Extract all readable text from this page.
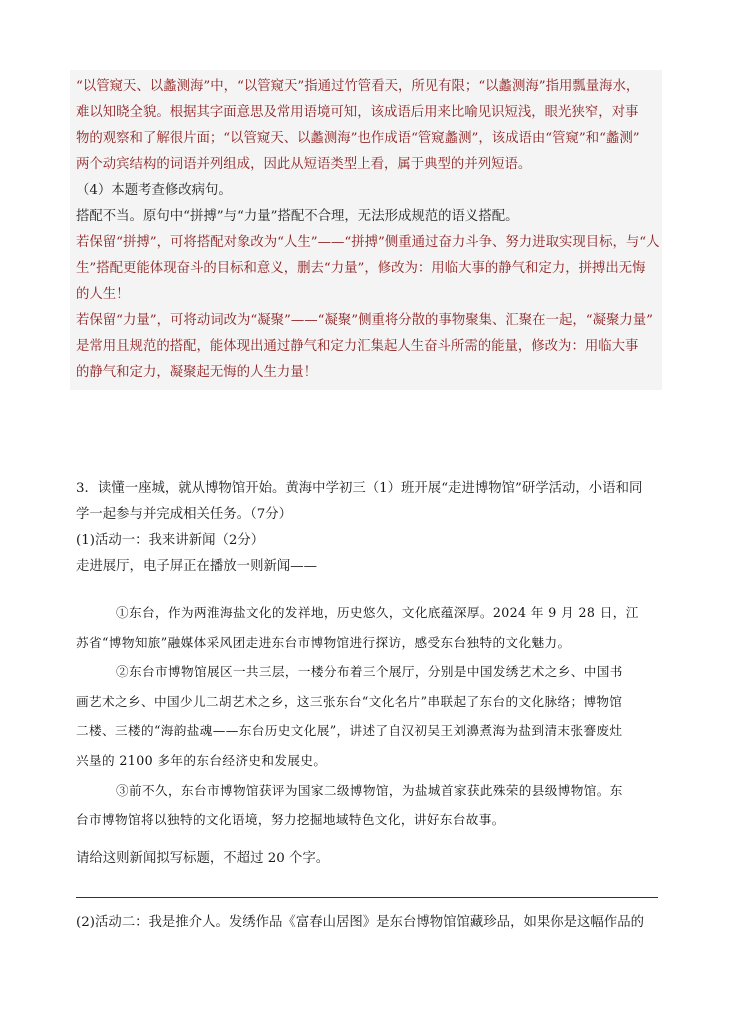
“以管窥天、以蠡测海”中，“以管窥天”指通过竹管看天，所见有限；“以蠡测海”指用瓢量海水，

难以知晓全貌。根据其字面意思及常用语境可知，该成语后用来比喻见识短浅，眼光狭窄，对事

物的观察和了解很片面；“以管窥天、以蠡测海”也作成语“管窥蠡测”，该成语由“管窥”和“蠡测”

两个动宾结构的词语并列组成，因此从短语类型上看，属于典型的并列短语。

（4）本题考查修改病句。

搭配不当。原句中“拼搏”与“力量”搭配不合理，无法形成规范的语义搭配。

若保留“拼搏”，可将搭配对象改为“人生”——“拼搏”侧重通过奋力斗争、努力进取实现目标，与“人

生”搭配更能体现奋斗的目标和意义，删去“力量”，修改为：用临大事的静气和定力，拼搏出无悔

的人生！

若保留“力量”，可将动词改为“凝聚”——“凝聚”侧重将分散的事物聚集、汇聚在一起，“凝聚力量”

是常用且规范的搭配，能体现出通过静气和定力汇集起人生奋斗所需的能量，修改为：用临大事

的静气和定力，凝聚起无悔的人生力量！

3．读懂一座城，就从博物馆开始。黄海中学初三（1）班开展“走进博物馆”研学活动，小语和同

学一起参与并完成相关任务。（7分）

(1)活动一：我来讲新闻（2分）

走进展厅，电子屏正在播放一则新闻——

①东台，作为两淮海盐文化的发祥地，历史悠久，文化底蕴深厚。2024 年 9 月 28 日，江

苏省“博物知旅”融媒体采风团走进东台市博物馆进行探访，感受东台独特的文化魅力。

②东台市博物馆展区一共三层，一楼分布着三个展厅，分别是中国发绣艺术之乡、中国书

画艺术之乡、中国少儿二胡艺术之乡，这三张东台“文化名片”串联起了东台的文化脉络；博物馆

二楼、三楼的“海韵盐魂——东台历史文化展”，讲述了自汉初吴王刘濞煮海为盐到清末张謇废灶

兴垦的 2100 多年的东台经济史和发展史。

③前不久，东台市博物馆获评为国家二级博物馆，为盐城首家获此殊荣的县级博物馆。东

台市博物馆将以独特的文化语境，努力挖掘地域特色文化，讲好东台故事。

请给这则新闻拟写标题，不超过 20 个字。

(2)活动二：我是推介人。发绣作品《富春山居图》是东台博物馆馆藏珍品，如果你是这幅作品的
